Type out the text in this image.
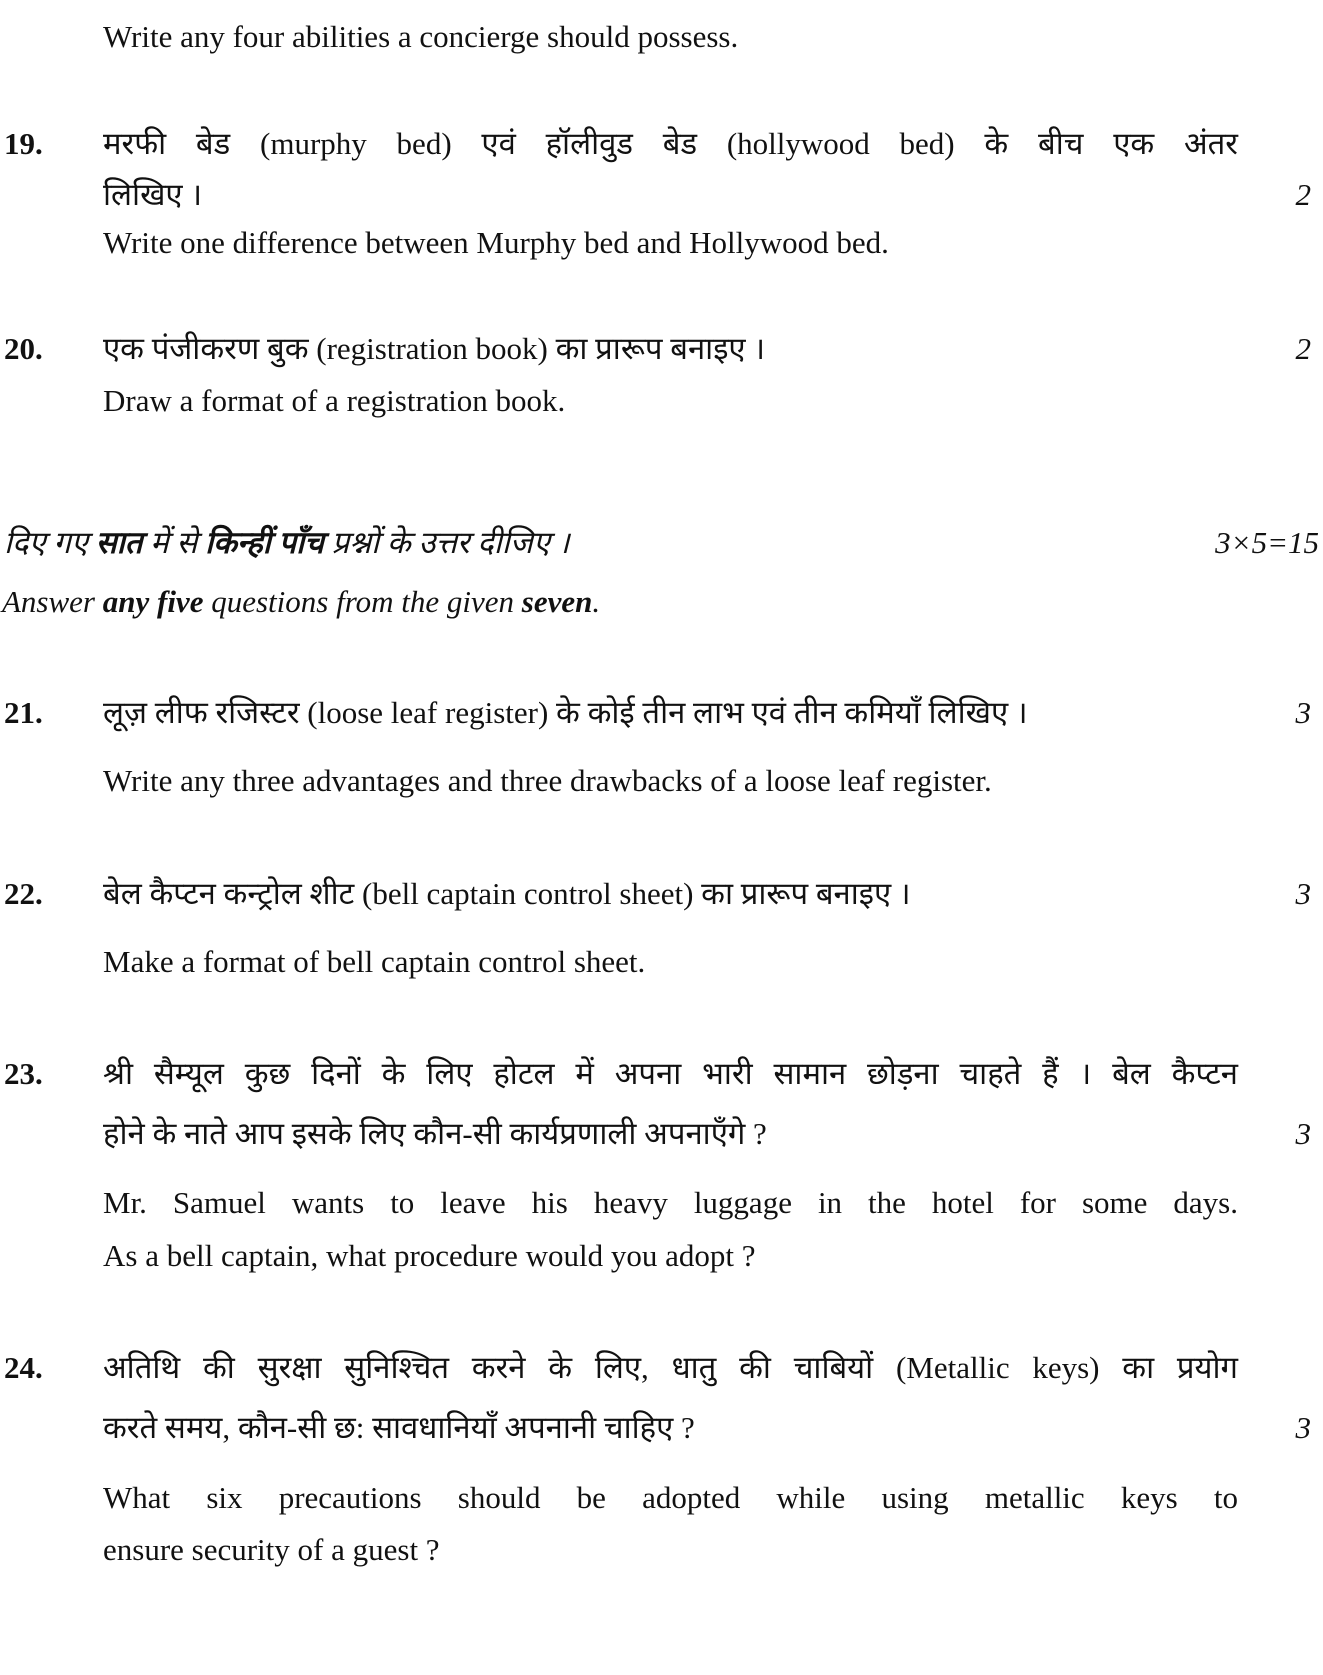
Write any four abilities a concierge should possess.
19. मरफी बेड (murphy bed) एवं हॉलीवुड बेड (hollywood bed) के बीच एक अंतर
लिखिए ।	2
Write one difference between Murphy bed and Hollywood bed.
20. एक पंजीकरण बुक (registration book) का प्रारूप बनाइए ।	2
Draw a format of a registration book.
दिए गए सात में से किन्हीं पाँच प्रश्नों के उत्तर दीजिए ।	3×5=15
Answer any five questions from the given seven.
21. लूज़ लीफ रजिस्टर (loose leaf register) के कोई तीन लाभ एवं तीन कमियाँ लिखिए ।	3
Write any three advantages and three drawbacks of a loose leaf register.
22. बेल कैप्टन कन्ट्रोल शीट (bell captain control sheet) का प्रारूप बनाइए ।	3
Make a format of bell captain control sheet.
23. श्री सैम्यूल कुछ दिनों के लिए होटल में अपना भारी सामान छोड़ना चाहते हैं । बेल कैप्टन
होने के नाते आप इसके लिए कौन-सी कार्यप्रणाली अपनाएँगे ?	3
Mr. Samuel wants to leave his heavy luggage in the hotel for some days.
As a bell captain, what procedure would you adopt ?
24. अतिथि की सुरक्षा सुनिश्चित करने के लिए, धातु की चाबियों (Metallic keys) का प्रयोग
करते समय, कौन-सी छ: सावधानियाँ अपनानी चाहिए ?	3
What six precautions should be adopted while using metallic keys to
ensure security of a guest ?
